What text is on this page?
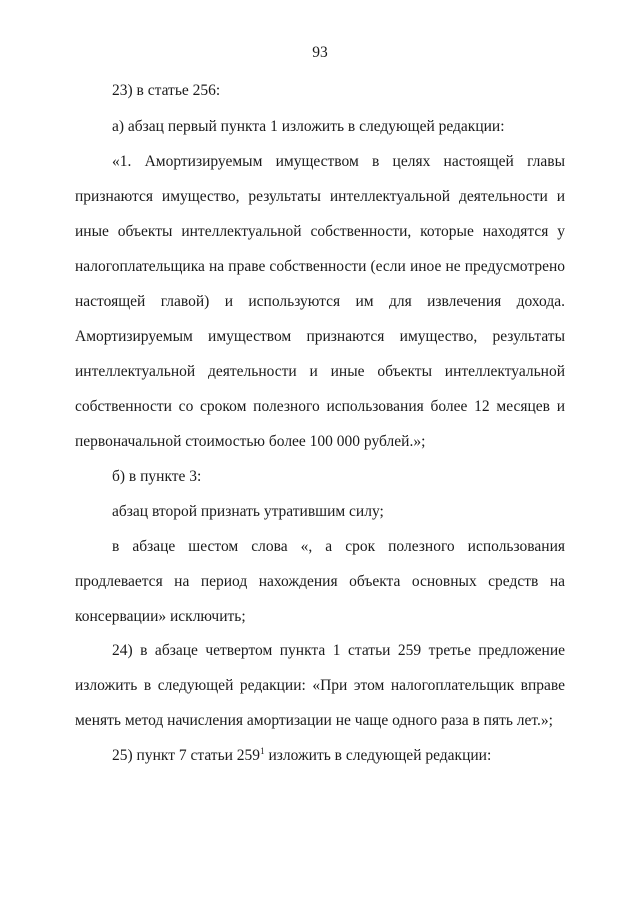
93
23) в статье 256:
а) абзац первый пункта 1 изложить в следующей редакции:
«1. Амортизируемым имуществом в целях настоящей главы
признаются имущество, результаты интеллектуальной деятельности и
иные объекты интеллектуальной собственности, которые находятся у
налогоплательщика на праве собственности (если иное не предусмотрено
настоящей главой) и используются им для извлечения дохода.
Амортизируемым имуществом признаются имущество, результаты
интеллектуальной деятельности и иные объекты интеллектуальной
собственности со сроком полезного использования более 12 месяцев и
первоначальной стоимостью более 100 000 рублей.»;
б) в пункте 3:
абзац второй признать утратившим силу;
в абзаце шестом слова «, а срок полезного использования
продлевается на период нахождения объекта основных средств на
консервации» исключить;
24) в абзаце четвертом пункта 1 статьи 259 третье предложение
изложить в следующей редакции: «При этом налогоплательщик вправе
менять метод начисления амортизации не чаще одного раза в пять лет.»;
25) пункт 7 статьи $259^1$ изложить в следующей редакции:
